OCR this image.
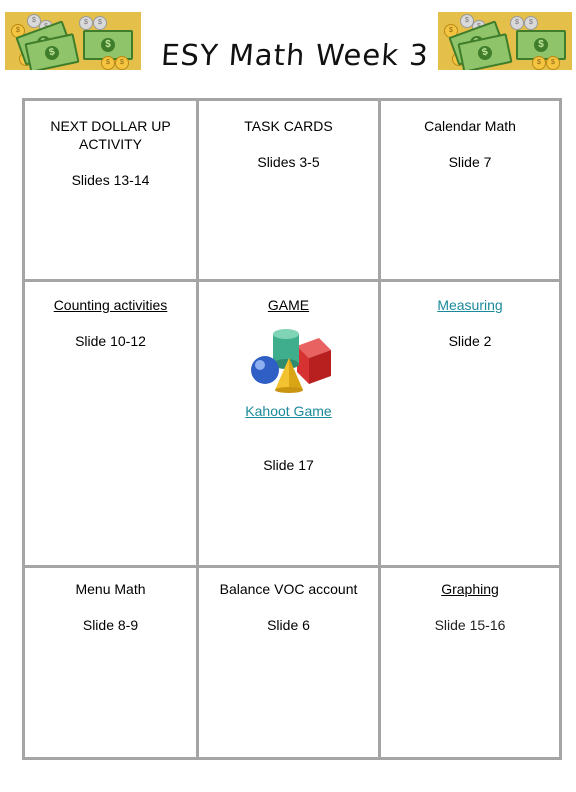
$
$
$
$
$	$
$	$
$
$
$
$
$	$
$	$
ESY Math Week 3
NEXT DOLLAR UP ACTIVITY
Slides 13-14
TASK CARDS
Slides 3-5
Calendar Math
Slide 7
Counting activities
Slide 10-12
GAME
Kahoot Game
Slide 17
Measuring
Slide 2
Menu Math
Slide 8-9
Balance VOC account
Slide 6
Graphing
Slide 15-16
